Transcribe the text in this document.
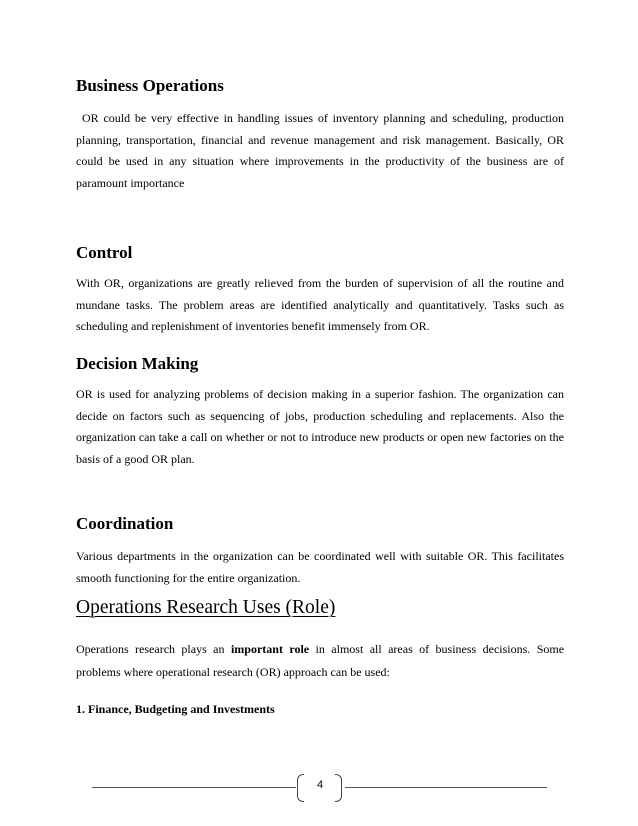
Business Operations

OR could be very effective in handling issues of inventory planning and scheduling, production planning, transportation, financial and revenue management and risk management. Basically, OR could be used in any situation where improvements in the productivity of the business are of paramount importance

Control

With OR, organizations are greatly relieved from the burden of supervision of all the routine and mundane tasks. The problem areas are identified analytically and quantitatively. Tasks such as scheduling and replenishment of inventories benefit immensely from OR.

Decision Making

OR is used for analyzing problems of decision making in a superior fashion. The organization can decide on factors such as sequencing of jobs, production scheduling and replacements. Also the organization can take a call on whether or not to introduce new products or open new factories on the basis of a good OR plan.

Coordination

Various departments in the organization can be coordinated well with suitable OR. This facilitates smooth functioning for the entire organization.

Operations Research Uses (Role)

Operations research plays an important role in almost all areas of business decisions. Some problems where operational research (OR) approach can be used:

1. Finance, Budgeting and Investments

4
